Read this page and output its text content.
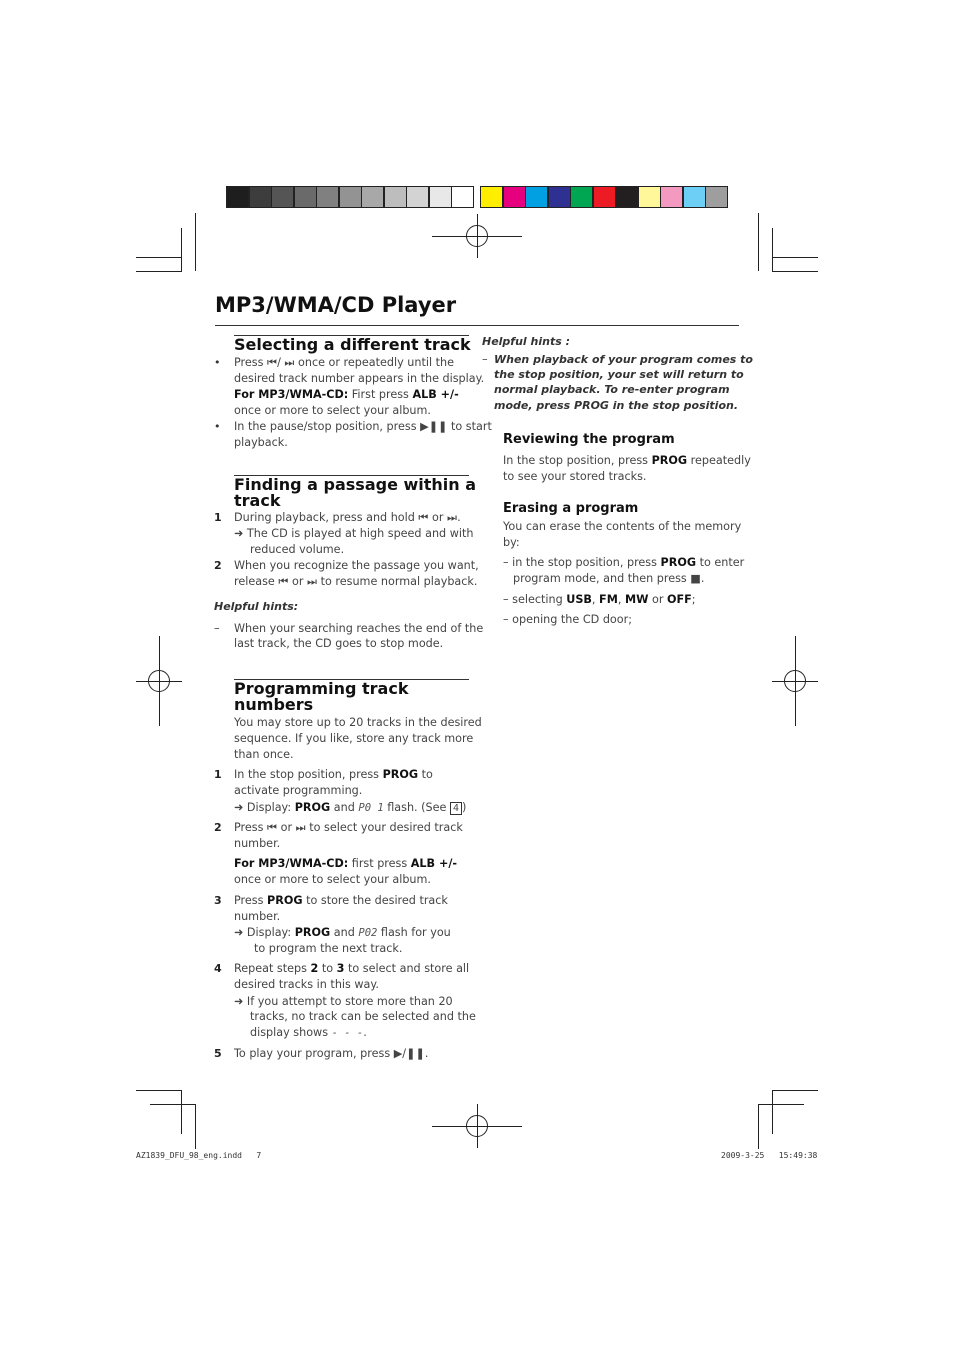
MP3/WMA/CD Player
Selecting a different track
• Press ⏮/ ⏭ once or repeatedly until the
desired track number appears in the display.
For MP3/WMA-CD: First press ALB +/-
once or more to select your album.
• In the pause/stop position, press ▶❚❚ to start
playback.
Finding a passage within a
track
1 During playback, press and hold ⏮ or ⏭.
➜ The CD is played at high speed and with
reduced volume.
2 When you recognize the passage you want,
release ⏮ or ⏭ to resume normal playback.
Helpful hints:
– When your searching reaches the end of the
last track, the CD goes to stop mode.
Programming track
numbers
You may store up to 20 tracks in the desired
sequence. If you like, store any track more
than once.
1 In the stop position, press PROG to
activate programming.
➜ Display: PROG and P0 1 flash. (See 4 )
2 Press ⏮ or ⏭ to select your desired track
number.
For MP3/WMA-CD: first press ALB +/-
once or more to select your album.
3 Press PROG to store the desired track
number.
➜ Display: PROG and P02 flash for you
to program the next track.
4 Repeat steps 2 to 3 to select and store all
desired tracks in this way.
➜ If you attempt to store more than 20
tracks, no track can be selected and the
display shows - - -.
5 To play your program, press ▶/❚❚.
Helpful hints :
– When playback of your program comes to
the stop position, your set will return to
normal playback. To re-enter program
mode, press PROG in the stop position.
Reviewing the program
In the stop position, press PROG repeatedly
to see your stored tracks.
Erasing a program
You can erase the contents of the memory
by:
– in the stop position, press PROG to enter
program mode, and then press ■.
– selecting USB, FM, MW or OFF;
– opening the CD door;
AZ1839_DFU_98_eng.indd   7	2009-3-25   15:49:38
